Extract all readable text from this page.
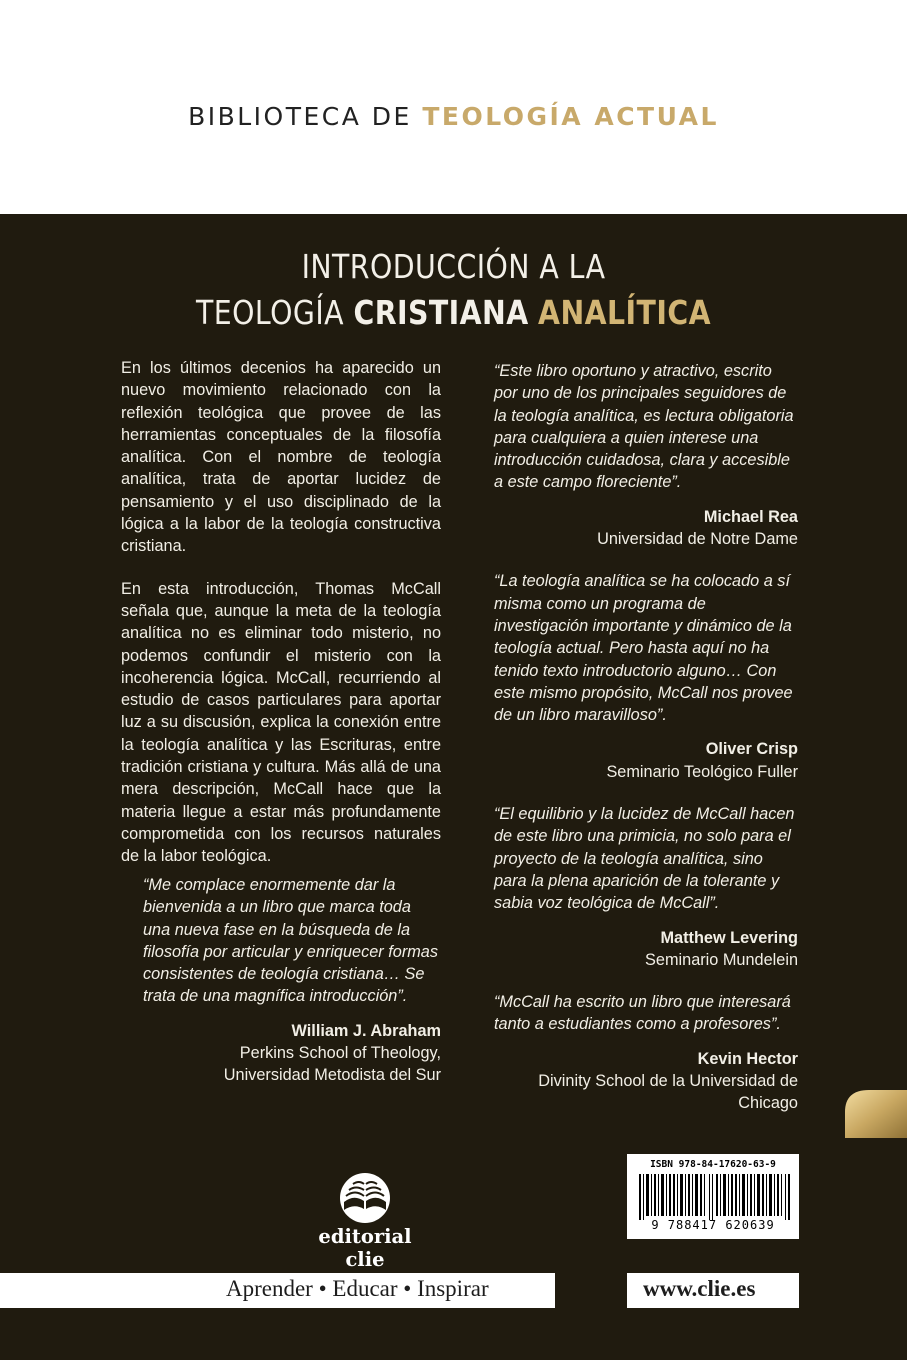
BIBLIOTECA DE TEOLOGÍA ACTUAL
INTRODUCCIÓN A LA
TEOLOGÍA CRISTIANA ANALÍTICA

En los últimos decenios ha aparecido un nuevo movimiento relacionado con la reflexión teológica que provee de las herramientas conceptuales de la filosofía analítica. Con el nombre de teología analítica, trata de aportar lucidez de pensamiento y el uso disciplinado de la lógica a la labor de la teología constructiva cristiana.

En esta introducción, Thomas McCall señala que, aunque la meta de la teología analítica no es eliminar todo misterio, no podemos confundir el misterio con la incoherencia lógica. McCall, recurriendo al estudio de casos particulares para aportar luz a su discusión, explica la conexión entre la teología analítica y las Escrituras, entre tradición cristiana y cultura. Más allá de una mera descripción, McCall hace que la materia llegue a estar más profundamente comprometida con los recursos naturales de la labor teológica.

“Me complace enormemente dar la bienvenida a un libro que marca toda una nueva fase en la búsqueda de la filosofía por articular y enriquecer formas consistentes de teología cristiana… Se trata de una magnífica introducción”.

William J. Abraham

Perkins School of Theology,

Universidad Metodista del Sur

“Este libro oportuno y atractivo, escrito por uno de los principales seguidores de la teología analítica, es lectura obligatoria para cualquiera a quien interese una introducción cuidadosa, clara y accesible a este campo floreciente”.

Michael Rea

Universidad de Notre Dame

“La teología analítica se ha colocado a sí misma como un programa de investigación importante y dinámico de la teología actual. Pero hasta aquí no ha tenido texto introductorio alguno… Con este mismo propósito, McCall nos provee de un libro maravilloso”.

Oliver Crisp

Seminario Teológico Fuller

“El equilibrio y la lucidez de McCall hacen de este libro una primicia, no solo para el proyecto de la teología analítica, sino para la plena aparición de la tolerante y sabia voz teológica de McCall”.

Matthew Levering

Seminario Mundelein

“McCall ha escrito un libro que interesará tanto a estudiantes como a profesores”.

Kevin Hector

Divinity School de la Universidad de Chicago

editorial clie
ISBN 978-84-17620-63-9
9 788417 620639
Aprender • Educar • Inspirar	www.clie.es
